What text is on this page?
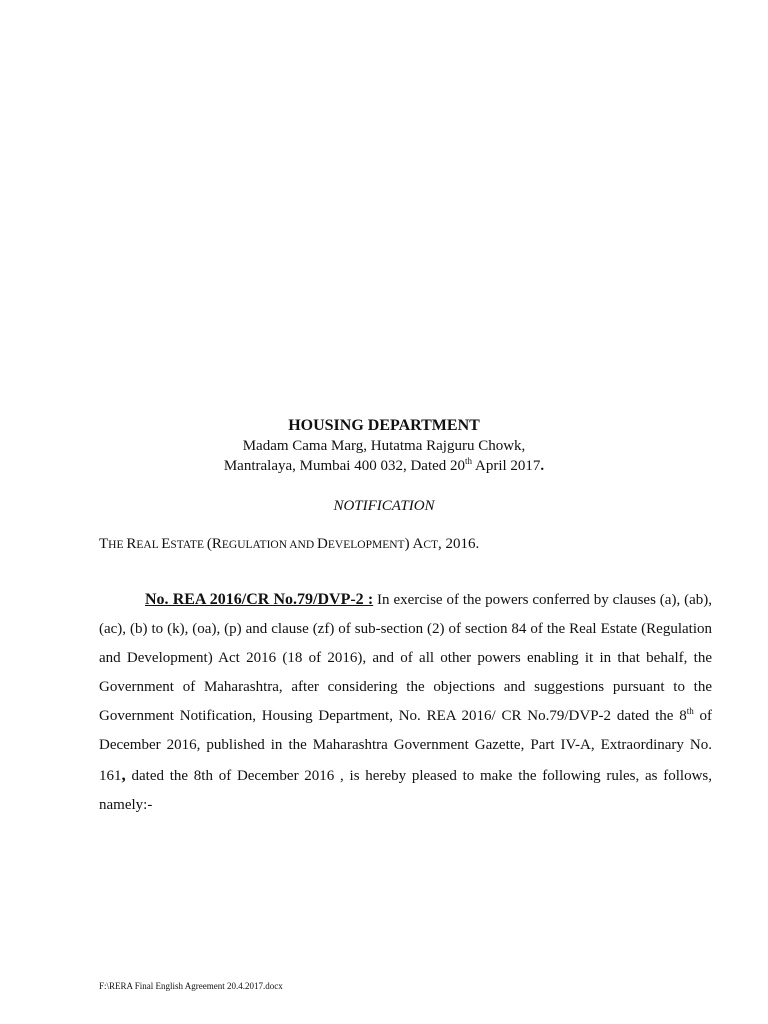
HOUSING DEPARTMENT
Madam Cama Marg, Hutatma Rajguru Chowk,
Mantralaya, Mumbai 400 032, Dated 20th April 2017.
NOTIFICATION
THE REAL ESTATE (REGULATION AND DEVELOPMENT) ACT, 2016.

No. REA 2016/CR No.79/DVP-2 : In exercise of the powers conferred by clauses (a), (ab), (ac), (b) to (k), (oa), (p) and clause (zf) of sub-section (2) of section 84 of the Real Estate (Regulation and Development) Act 2016 (18 of 2016), and of all other powers enabling it in that behalf, the Government of Maharashtra, after considering the objections and suggestions pursuant to the Government Notification, Housing Department, No. REA 2016/ CR No.79/DVP-2 dated the 8th of December 2016, published in the Maharashtra Government Gazette, Part IV-A, Extraordinary No. 161, dated the 8th of December 2016 , is hereby pleased to make the following rules, as follows, namely:-

F:\RERA Final English Agreement 20.4.2017.docx
